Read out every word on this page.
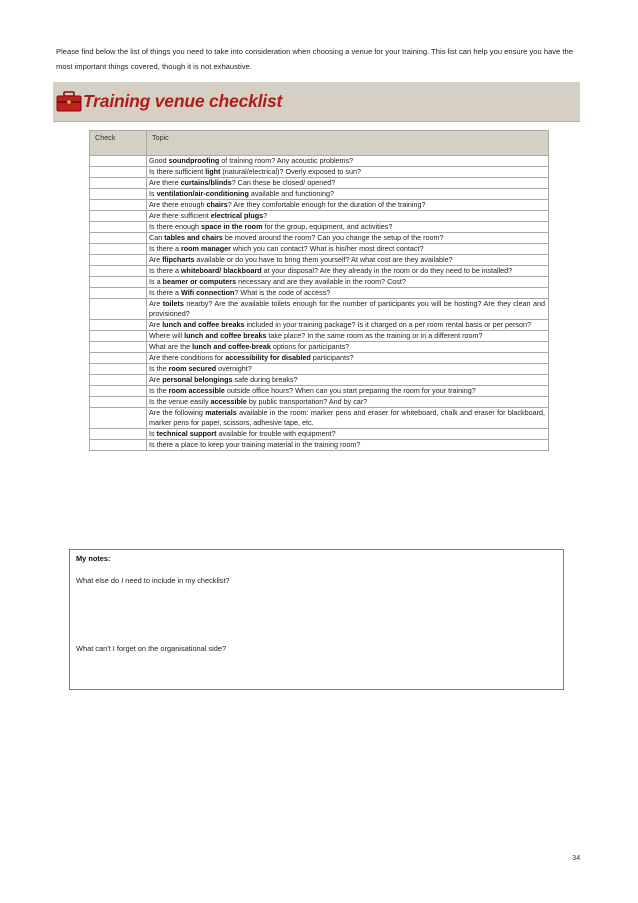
Please find below the list of things you need to take into consideration when choosing a venue for your training. This list can help you ensure you have the most important things covered, though it is not exhaustive.
Training venue checklist
Check	Topic
	Good soundproofing of training room? Any acoustic problems?
	Is there sufficient light (natural/electrical)? Overly exposed to sun?
	Are there curtains/blinds? Can these be closed/ opened?
	Is ventilation/air-conditioning available and functioning?
	Are there enough chairs? Are they comfortable enough for the duration of the training?
	Are there sufficient electrical plugs?
	Is there enough space in the room for the group, equipment, and activities?
	Can tables and chairs be moved around the room? Can you change the setup of the room?
	Is there a room manager which you can contact? What is his/her most direct contact?
	Are flipcharts available or do you have to bring them yourself? At what cost are they available?
	Is there a whiteboard/ blackboard at your disposal? Are they already in the room or do they need to be installed?
	Is a beamer or computers necessary and are they available in the room? Cost?
	Is there a Wifi connection? What is the code of access?
	Are toilets nearby? Are the available toilets enough for the number of participants you will be hosting? Are they clean and provisioned?
	Are lunch and coffee breaks included in your training package? Is it charged on a per room rental basis or per person?
	Where will lunch and coffee breaks take place? In the same room as the training or in a different room?
	What are the lunch and coffee-break options for participants?
	Are there conditions for accessibility for disabled participants?
	Is the room secured overnight?
	Are personal belongings safe during breaks?
	Is the room accessible outside office hours? When can you start preparing the room for your training?
	Is the venue easily accessible by public transportation? And by car?
	Are the following materials available in the room: marker pens and eraser for whiteboard, chalk and eraser for blackboard, marker pens for paper, scissors, adhesive tape, etc.
	Is technical support available for trouble with equipment?
	Is there a place to keep your training material in the training room?
My notes:
What else do I need to include in my checklist?
What can't I forget on the organisational side?
34
